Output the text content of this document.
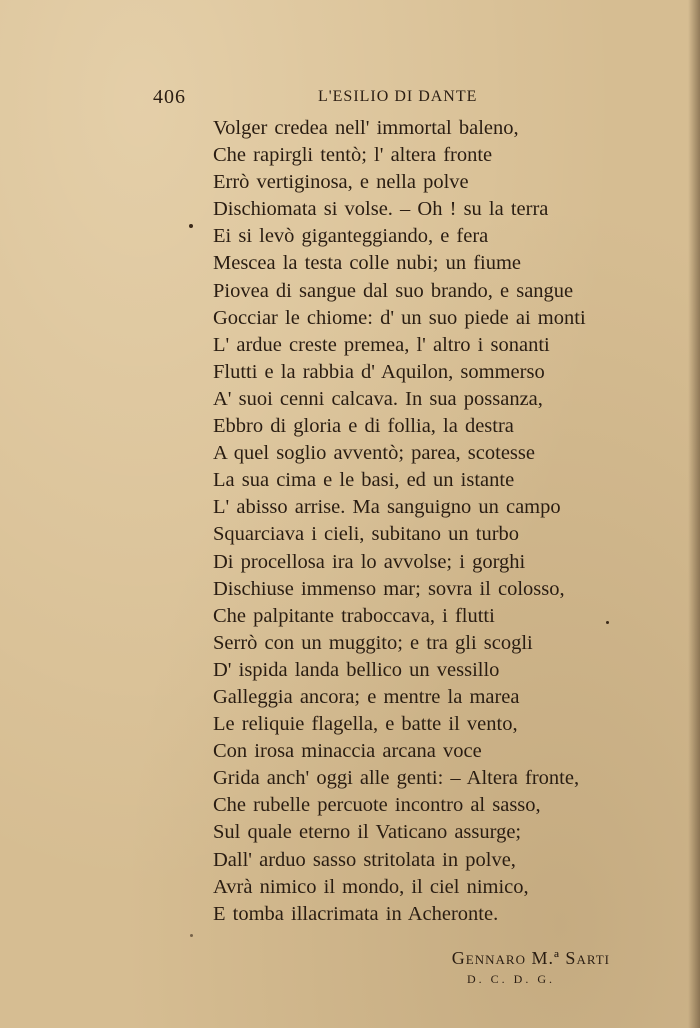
406	L'ESILIO DI DANTE
Volger credea nell' immortal baleno,
Che rapirgli tentò; l' altera fronte
Errò vertiginosa, e nella polve
Dischiomata si volse. – Oh ! su la terra
Ei si levò giganteggiando, e fera
Mescea la testa colle nubi; un fiume
Piovea di sangue dal suo brando, e sangue
Gocciar le chiome: d' un suo piede ai monti
L' ardue creste premea, l' altro i sonanti
Flutti e la rabbia d' Aquilon, sommerso
A' suoi cenni calcava. In sua possanza,
Ebbro di gloria e di follia, la destra
A quel soglio avventò; parea, scotesse
La sua cima e le basi, ed un istante
L' abisso arrise. Ma sanguigno un campo
Squarciava i cieli, subitano un turbo
Di procellosa ira lo avvolse; i gorghi
Dischiuse immenso mar; sovra il colosso,
Che palpitante traboccava, i flutti
Serrò con un muggito; e tra gli scogli
D' ispida landa bellico un vessillo
Galleggia ancora; e mentre la marea
Le reliquie flagella, e batte il vento,
Con irosa minaccia arcana voce
Grida anch' oggi alle genti: – Altera fronte,
Che rubelle percuote incontro al sasso,
Sul quale eterno il Vaticano assurge;
Dall' arduo sasso stritolata in polve,
Avrà nimico il mondo, il ciel nimico,
E tomba illacrimata in Acheronte.
Gennaro M.ª Sarti
D. C. D. G.
